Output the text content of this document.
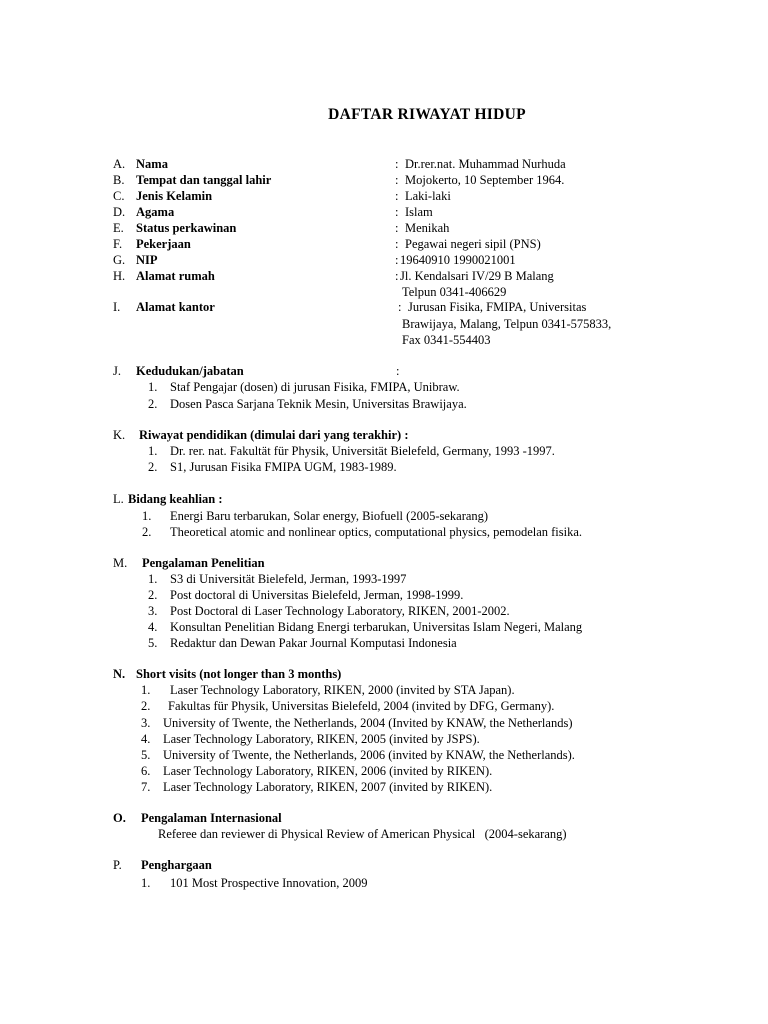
DAFTAR RIWAYAT HIDUP
A. Nama	: Dr.rer.nat. Muhammad Nurhuda
B. Tempat dan tanggal lahir	: Mojokerto, 10 September 1964.
C. Jenis Kelamin	: Laki-laki
D. Agama	: Islam
E. Status perkawinan	: Menikah
F. Pekerjaan	: Pegawai negeri sipil (PNS)
G. NIP	: 19640910 1990021001
H. Alamat rumah	: Jl. Kendalsari IV/29 B Malang
Telpun 0341-406629
I. Alamat kantor	: Jurusan Fisika, FMIPA, Universitas
Brawijaya, Malang, Telpun 0341-575833,
Fax 0341-554403
J. Kedudukan/jabatan	:
1. Staf Pengajar (dosen) di jurusan Fisika, FMIPA, Unibraw.
2. Dosen Pasca Sarjana Teknik Mesin, Universitas Brawijaya.
K. Riwayat pendidikan (dimulai dari yang terakhir) :
1. Dr. rer. nat. Fakultät für Physik, Universität Bielefeld, Germany, 1993 -1997.
2. S1, Jurusan Fisika FMIPA UGM, 1983-1989.
L. Bidang keahlian :
1. Energi Baru terbarukan, Solar energy, Biofuell (2005-sekarang)
2. Theoretical atomic and nonlinear optics, computational physics, pemodelan fisika.
M. Pengalaman Penelitian
1. S3 di Universität Bielefeld, Jerman, 1993-1997
2. Post doctoral di Universitas Bielefeld, Jerman, 1998-1999.
3. Post Doctoral di Laser Technology Laboratory, RIKEN, 2001-2002.
4. Konsultan Penelitian Bidang Energi terbarukan, Universitas Islam Negeri, Malang
5. Redaktur dan Dewan Pakar Journal Komputasi Indonesia
N. Short visits (not longer than 3 months)
1. Laser Technology Laboratory, RIKEN, 2000 (invited by STA Japan).
2. Fakultas für Physik, Universitas Bielefeld, 2004 (invited by DFG, Germany).
3. University of Twente, the Netherlands, 2004 (Invited by KNAW, the Netherlands)
4. Laser Technology Laboratory, RIKEN, 2005 (invited by JSPS).
5. University of Twente, the Netherlands, 2006 (invited by KNAW, the Netherlands).
6. Laser Technology Laboratory, RIKEN, 2006 (invited by RIKEN).
7. Laser Technology Laboratory, RIKEN, 2007 (invited by RIKEN).
O. Pengalaman Internasional
Referee dan reviewer di Physical Review of American Physical   (2004-sekarang)
P. Penghargaan
1. 101 Most Prospective Innovation, 2009
